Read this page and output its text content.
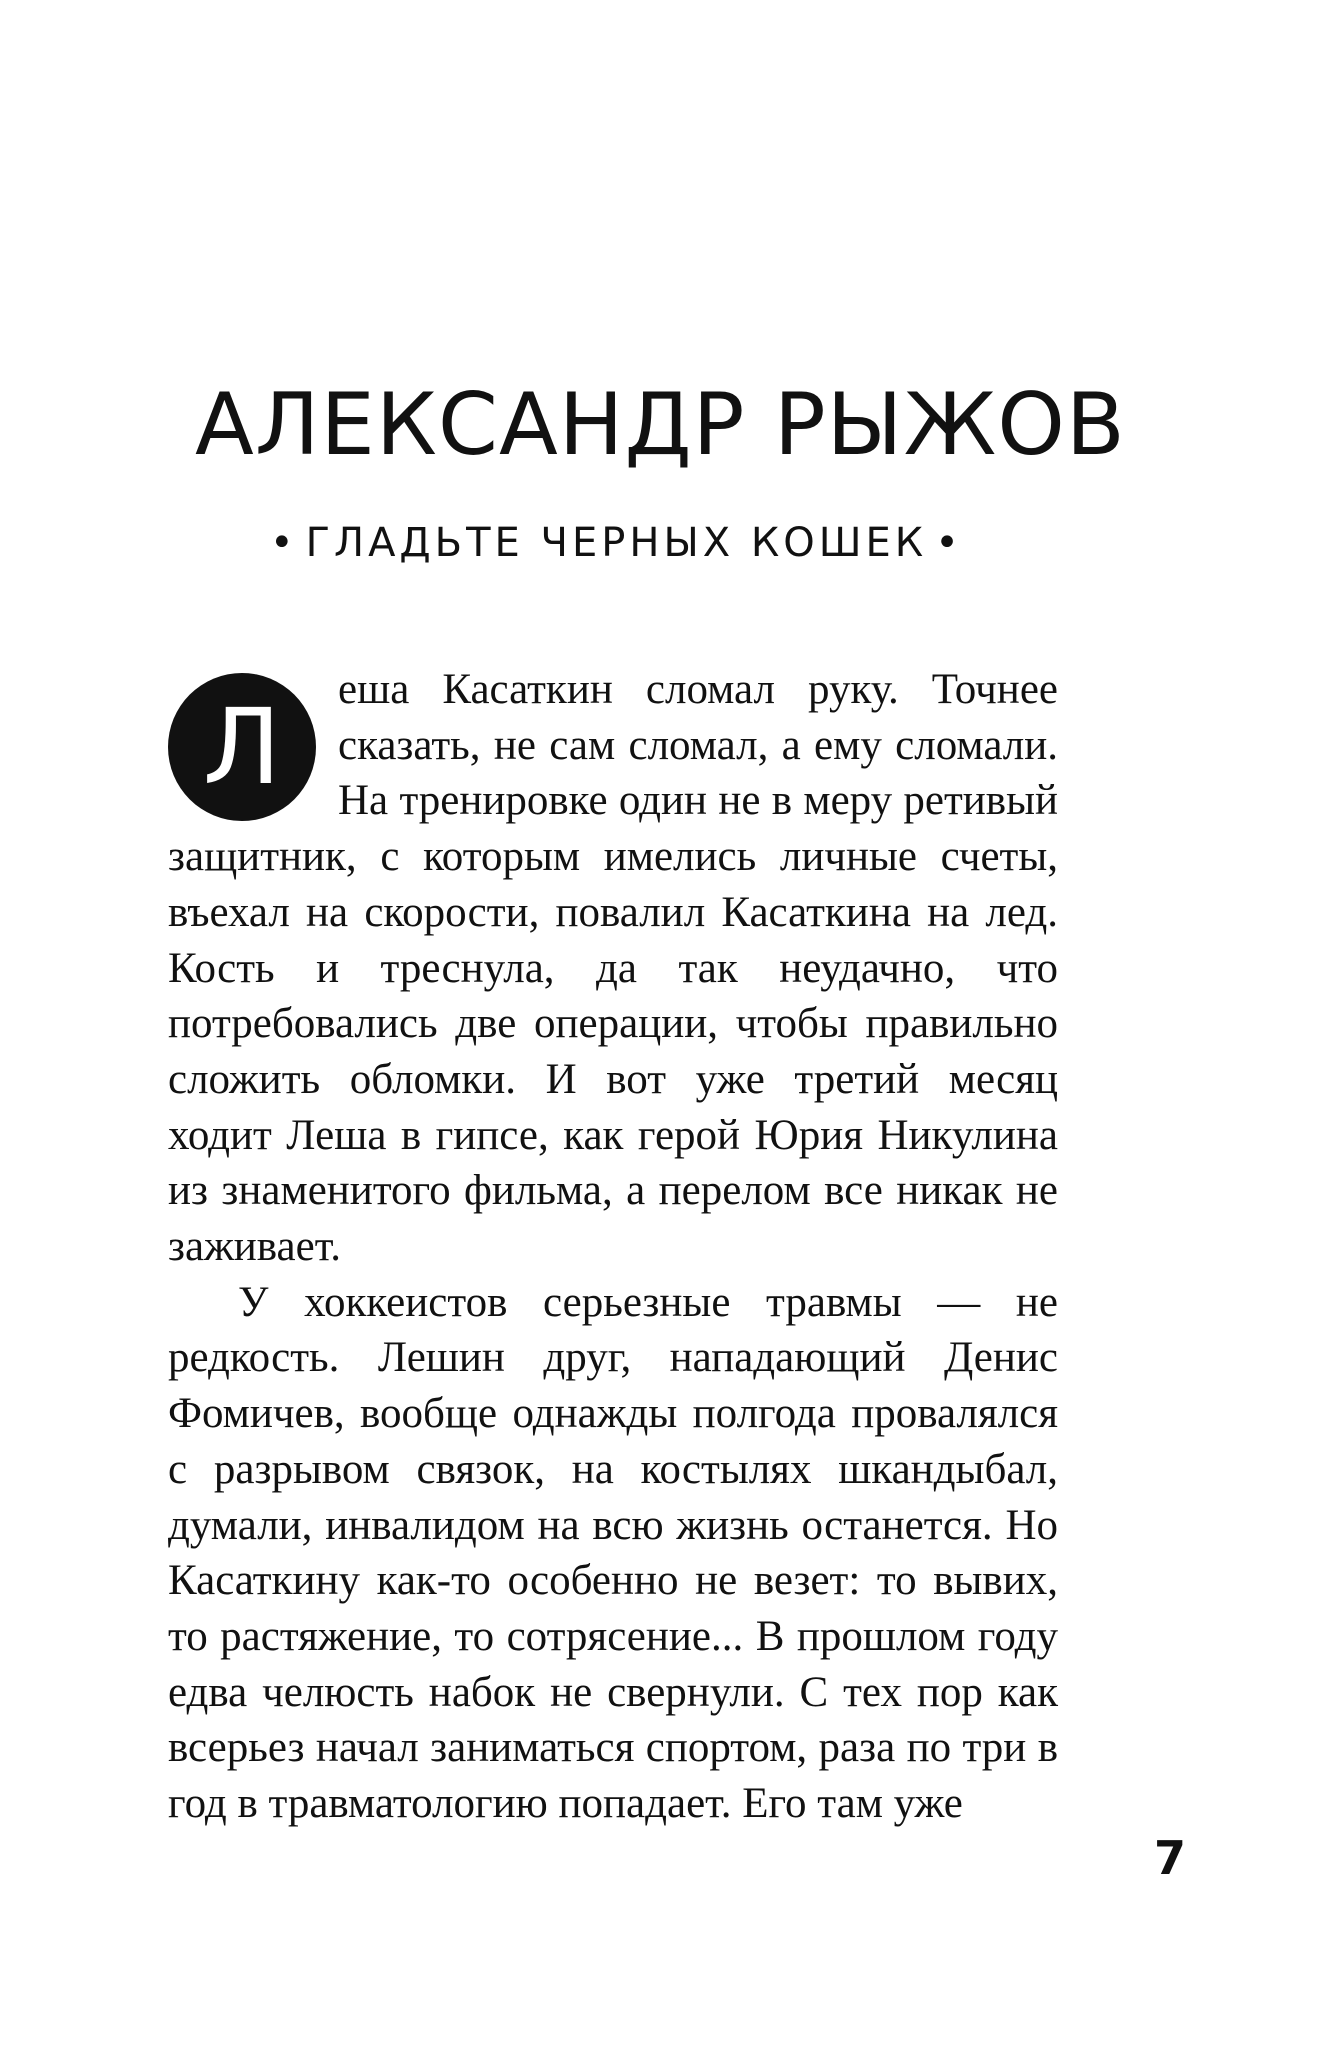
АЛЕКСАНДР РЫЖОВ
• ГЛАДЬТЕ ЧЕРНЫХ КОШЕК •

Л	еша Касаткин сломал руку. Точнее сказать, не сам сломал, а ему сломали. На тренировке один не в меру ретивый защитник, с которым имелись личные счеты, въехал на скорости, повалил Касаткина на лед. Кость и треснула, да так неудачно, что потребовались две операции, чтобы правильно сложить обломки. И вот уже третий месяц ходит Леша в гипсе, как герой Юрия Никулина из знаменитого фильма, а перелом все никак не заживает.

У хоккеистов серьезные травмы — не редкость. Лешин друг, нападающий Денис Фомичев, вообще однажды полгода провалялся с разрывом связок, на костылях шкандыбал, думали, инвалидом на всю жизнь останется. Но Касаткину как-то особенно не везет: то вывих, то растяжение, то сотрясение... В прошлом году едва челюсть набок не свернули. С тех пор как всерьез начал заниматься спортом, раза по три в год в травматологию попадает. Его там уже

7
